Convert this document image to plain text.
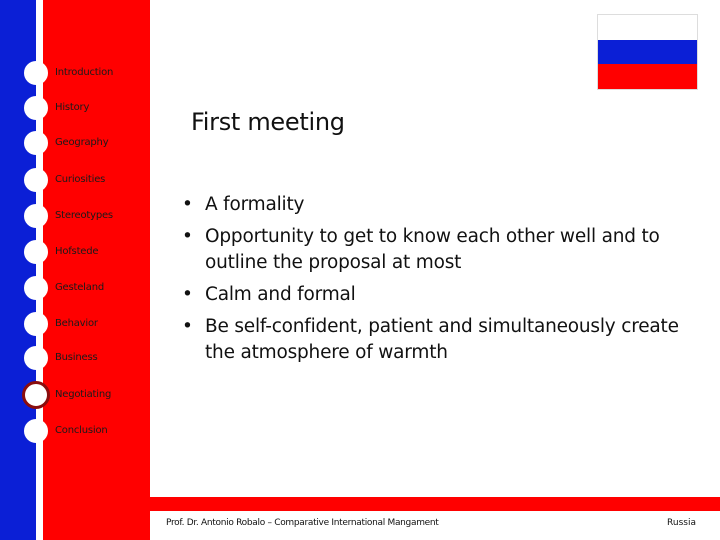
Introduction
History
Geography
Curiosities
Stereotypes
Hofstede
Gesteland
Behavior
Business
Negotiating
Conclusion
First meeting
• A formality
• Opportunity to get to know each other well and to outline the proposal at most
• Calm and formal
• Be self-confident, patient and simultaneously create the atmosphere of warmth
Prof. Dr. Antonio Robalo – Comparative International Mangament	Russia
